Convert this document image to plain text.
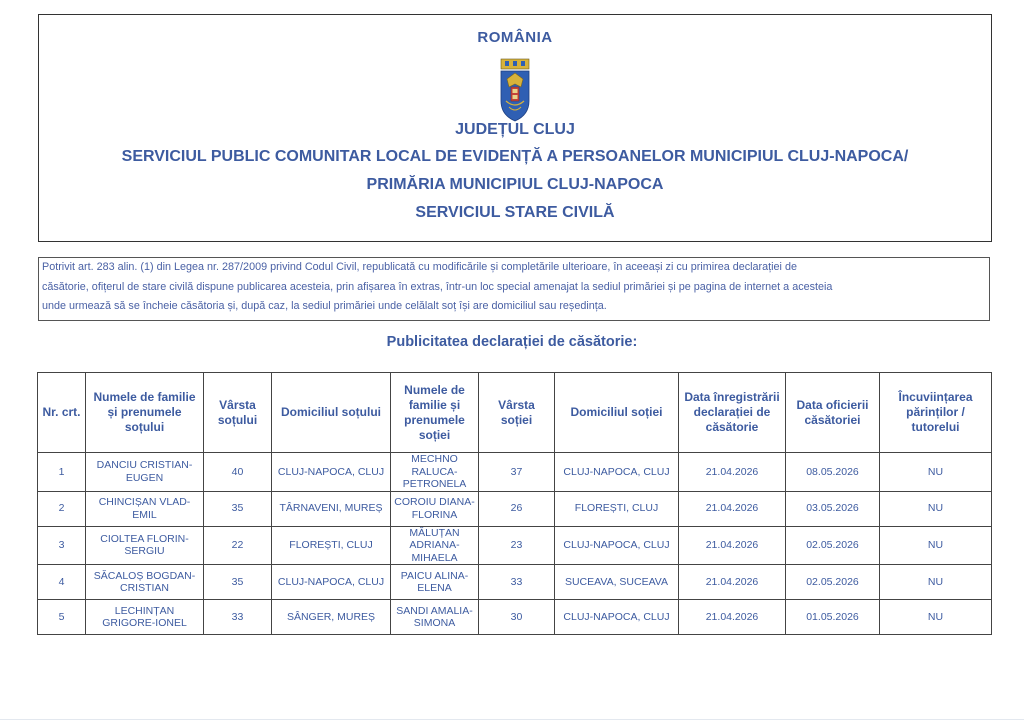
ROMÂNIA
JUDEȚUL CLUJ
SERVICIUL PUBLIC COMUNITAR LOCAL DE EVIDENȚĂ A PERSOANELOR MUNICIPIUL CLUJ-NAPOCA/
PRIMĂRIA MUNICIPIUL CLUJ-NAPOCA
SERVICIUL STARE CIVILĂ
Potrivit art. 283 alin. (1) din Legea nr. 287/2009 privind Codul Civil, republicată cu modificările și completările ulterioare, în aceeași zi cu primirea declarației de
căsătorie, ofițerul de stare civilă dispune publicarea acesteia, prin afișarea în extras, într-un loc special amenajat la sediul primăriei și pe pagina de internet a acesteia
unde urmează să se încheie căsătoria și, după caz, la sediul primăriei unde celălalt soț își are domiciliul sau reședința.
Publicitatea declarației de căsătorie:
Nr. crt.	Numele de familie și prenumele soțului	Vârsta soțului	Domiciliul soțului	Numele de familie și prenumele soției	Vârsta soției	Domiciliul soției	Data înregistrării declarației de căsătorie	Data oficierii căsătoriei	Încuviințarea părinților / tutorelui
1	DANCIU CRISTIAN-EUGEN	40	CLUJ-NAPOCA, CLUJ	MECHNO RALUCA-PETRONELA	37	CLUJ-NAPOCA, CLUJ	21.04.2026	08.05.2026	NU
2	CHINCIȘAN VLAD-EMIL	35	TÂRNAVENI, MUREȘ	COROIU DIANA-FLORINA	26	FLOREȘTI, CLUJ	21.04.2026	03.05.2026	NU
3	CIOLTEA FLORIN-SERGIU	22	FLOREȘTI, CLUJ	MĂLUȚAN ADRIANA-MIHAELA	23	CLUJ-NAPOCA, CLUJ	21.04.2026	02.05.2026	NU
4	SĂCALOȘ BOGDAN-CRISTIAN	35	CLUJ-NAPOCA, CLUJ	PAICU ALINA-ELENA	33	SUCEAVA, SUCEAVA	21.04.2026	02.05.2026	NU
5	LECHINȚAN GRIGORE-IONEL	33	SÂNGER, MUREȘ	SANDI AMALIA-SIMONA	30	CLUJ-NAPOCA, CLUJ	21.04.2026	01.05.2026	NU
